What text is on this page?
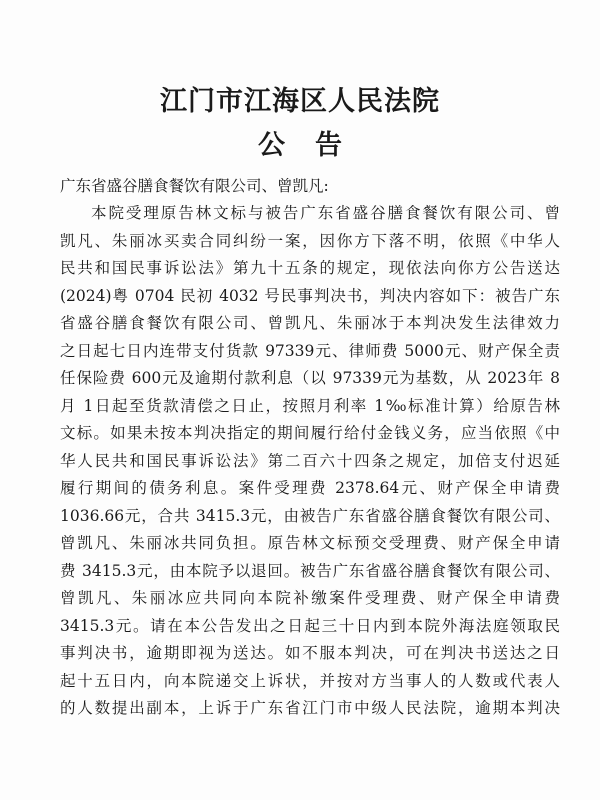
江门市江海区人民法院
公 告
广东省盛谷膳食餐饮有限公司、曾凯凡:
本院受理原告林文标与被告广东省盛谷膳食餐饮有限公司、曾
凯凡、朱丽冰买卖合同纠纷一案，因你方下落不明，依照《中华人
民共和国民事诉讼法》第九十五条的规定，现依法向你方公告送达
(2024)粤 0704 民初 4032 号民事判决书，判决内容如下：被告广东
省盛谷膳食餐饮有限公司、曾凯凡、朱丽冰于本判决发生法律效力
之日起七日内连带支付货款 97339元、律师费 5000元、财产保全责
任保险费 600元及逾期付款利息（以 97339元为基数，从 2023年 8
月 1日起至货款清偿之日止，按照月利率 1‰标准计算）给原告林
文标。如果未按本判决指定的期间履行给付金钱义务，应当依照《中
华人民共和国民事诉讼法》第二百六十四条之规定，加倍支付迟延
履行期间的债务利息。案件受理费 2378.64元、财产保全申请费
1036.66元，合共 3415.3元，由被告广东省盛谷膳食餐饮有限公司、
曾凯凡、朱丽冰共同负担。原告林文标预交受理费、财产保全申请
费 3415.3元，由本院予以退回。被告广东省盛谷膳食餐饮有限公司、
曾凯凡、朱丽冰应共同向本院补缴案件受理费、财产保全申请费
3415.3元。请在本公告发出之日起三十日内到本院外海法庭领取民
事判决书，逾期即视为送达。如不服本判决，可在判决书送达之日
起十五日内，向本院递交上诉状，并按对方当事人的人数或代表人
的人数提出副本，上诉于广东省江门市中级人民法院，逾期本判决
